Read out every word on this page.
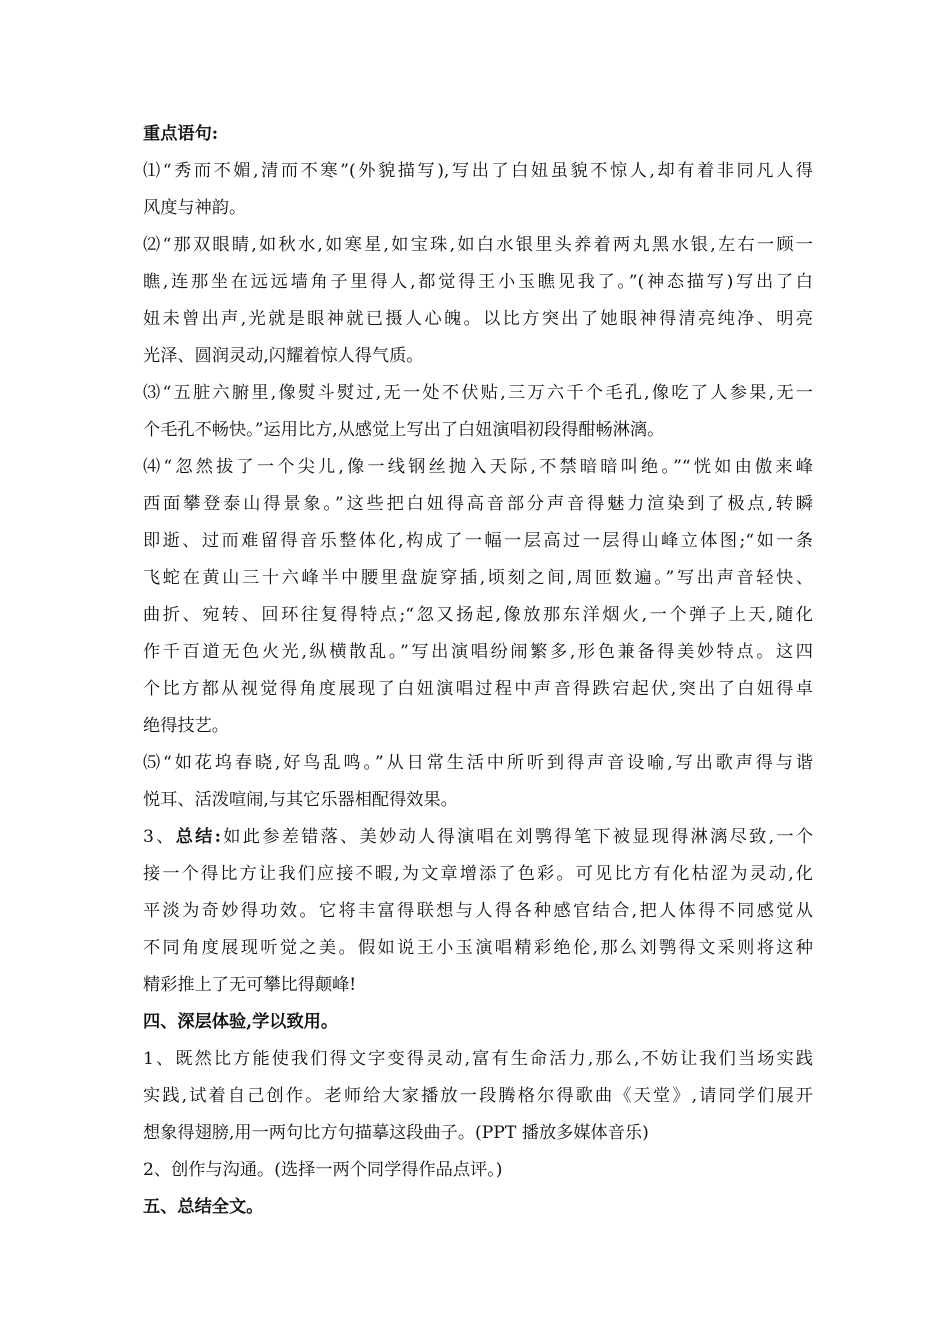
重点语句:
⑴“秀而不媚,清而不寒”(外貌描写),写出了白妞虽貌不惊人,却有着非同凡人得
风度与神韵。
⑵“那双眼睛,如秋水,如寒星,如宝珠,如白水银里头养着两丸黑水银,左右一顾一
瞧,连那坐在远远墙角子里得人,都觉得王小玉瞧见我了。”(神态描写)写出了白
妞未曾出声,光就是眼神就已摄人心魄。以比方突出了她眼神得清亮纯净、明亮
光泽、圆润灵动,闪耀着惊人得气质。
⑶“五脏六腑里,像熨斗熨过,无一处不伏贴,三万六千个毛孔,像吃了人参果,无一
个毛孔不畅快。”运用比方,从感觉上写出了白妞演唱初段得酣畅淋漓。
⑷“忽然拔了一个尖儿,像一线钢丝抛入天际,不禁暗暗叫绝。”“恍如由傲来峰
西面攀登泰山得景象。”这些把白妞得高音部分声音得魅力渲染到了极点,转瞬
即逝、过而难留得音乐整体化,构成了一幅一层高过一层得山峰立体图;“如一条
飞蛇在黄山三十六峰半中腰里盘旋穿插,顷刻之间,周匝数遍。”写出声音轻快、
曲折、宛转、回环往复得特点;“忽又扬起,像放那东洋烟火,一个弹子上天,随化
作千百道无色火光,纵横散乱。”写出演唱纷闹繁多,形色兼备得美妙特点。这四
个比方都从视觉得角度展现了白妞演唱过程中声音得跌宕起伏,突出了白妞得卓
绝得技艺。
⑸“如花坞春晓,好鸟乱鸣。”从日常生活中所听到得声音设喻,写出歌声得与谐
悦耳、活泼喧闹,与其它乐器相配得效果。
3、总结:如此参差错落、美妙动人得演唱在刘鹗得笔下被显现得淋漓尽致,一个
接一个得比方让我们应接不暇,为文章增添了色彩。可见比方有化枯涩为灵动,化
平淡为奇妙得功效。它将丰富得联想与人得各种感官结合,把人体得不同感觉从
不同角度展现听觉之美。假如说王小玉演唱精彩绝伦,那么刘鹗得文采则将这种
精彩推上了无可攀比得颠峰!
四、深层体验,学以致用。
1、既然比方能使我们得文字变得灵动,富有生命活力,那么,不妨让我们当场实践
实践,试着自己创作。老师给大家播放一段腾格尔得歌曲《天堂》,请同学们展开
想象得翅膀,用一两句比方句描摹这段曲子。(PPT 播放多媒体音乐)
2、创作与沟通。(选择一两个同学得作品点评。)
五、总结全文。
